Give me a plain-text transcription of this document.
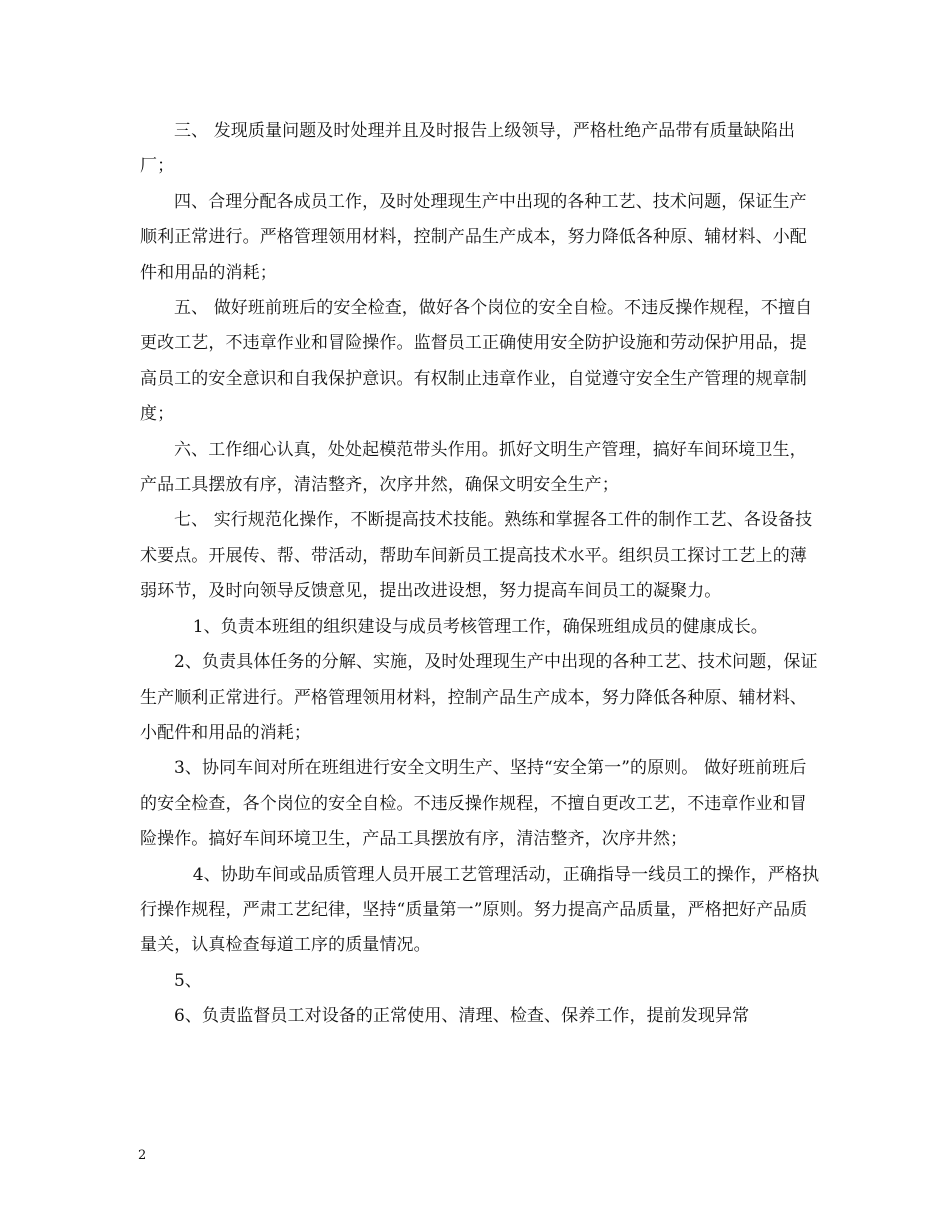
三、 发现质量问题及时处理并且及时报告上级领导，严格杜绝产品带有质量缺陷出厂；

四、合理分配各成员工作，及时处理现生产中出现的各种工艺、技术问题，保证生产顺利正常进行。严格管理领用材料，控制产品生产成本，努力降低各种原、辅材料、小配件和用品的消耗；

五、 做好班前班后的安全检查，做好各个岗位的安全自检。不违反操作规程，不擅自更改工艺，不违章作业和冒险操作。监督员工正确使用安全防护设施和劳动保护用品，提高员工的安全意识和自我保护意识。有权制止违章作业，自觉遵守安全生产管理的规章制度；

六、工作细心认真，处处起模范带头作用。抓好文明生产管理，搞好车间环境卫生，产品工具摆放有序，清洁整齐，次序井然，确保文明安全生产；

七、 实行规范化操作，不断提高技术技能。熟练和掌握各工件的制作工艺、各设备技术要点。开展传、帮、带活动，帮助车间新员工提高技术水平。组织员工探讨工艺上的薄弱环节，及时向领导反馈意见，提出改进设想，努力提高车间员工的凝聚力。

1、负责本班组的组织建设与成员考核管理工作，确保班组成员的健康成长。

2、负责具体任务的分解、实施，及时处理现生产中出现的各种工艺、技术问题，保证生产顺利正常进行。严格管理领用材料，控制产品生产成本，努力降低各种原、辅材料、小配件和用品的消耗；

3、协同车间对所在班组进行安全文明生产、坚持“安全第一”的原则。 做好班前班后的安全检查，各个岗位的安全自检。不违反操作规程，不擅自更改工艺，不违章作业和冒险操作。搞好车间环境卫生，产品工具摆放有序，清洁整齐，次序井然；

4、协助车间或品质管理人员开展工艺管理活动，正确指导一线员工的操作，严格执行操作规程，严肃工艺纪律，坚持“质量第一”原则。努力提高产品质量，严格把好产品质量关，认真检查每道工序的质量情况。

5、

6、负责监督员工对设备的正常使用、清理、检查、保养工作，提前发现异常

2
